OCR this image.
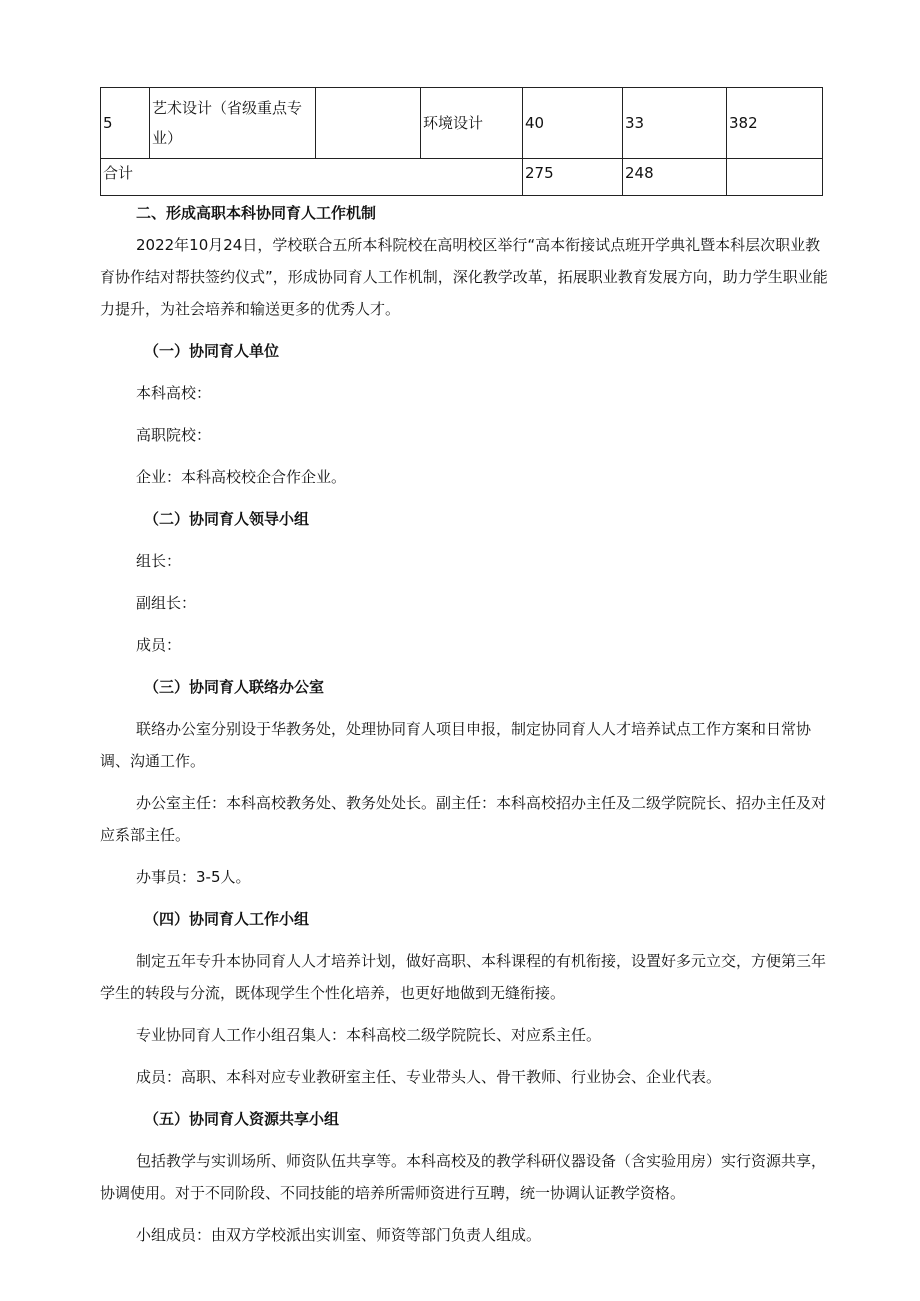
5	艺术设计（省级重点专业）		环境设计	40	33	382
合计				275	248	

二、形成高职本科协同育人工作机制

2022年10月24日，学校联合五所本科院校在高明校区举行“高本衔接试点班开学典礼暨本科层次职业教育协作结对帮扶签约仪式”，形成协同育人工作机制，深化教学改革，拓展职业教育发展方向，助力学生职业能力提升，为社会培养和输送更多的优秀人才。

（一）协同育人单位

本科高校：

高职院校：

企业：本科高校校企合作企业。

（二）协同育人领导小组

组长：

副组长：

成员：

（三）协同育人联络办公室

联络办公室分别设于华教务处，处理协同育人项目申报，制定协同育人人才培养试点工作方案和日常协调、沟通工作。

办公室主任：本科高校教务处、教务处处长。副主任：本科高校招办主任及二级学院院长、招办主任及对应系部主任。

办事员：3-5人。

（四）协同育人工作小组

制定五年专升本协同育人人才培养计划，做好高职、本科课程的有机衔接，设置好多元立交，方便第三年学生的转段与分流，既体现学生个性化培养，也更好地做到无缝衔接。

专业协同育人工作小组召集人：本科高校二级学院院长、对应系主任。

成员：高职、本科对应专业教研室主任、专业带头人、骨干教师、行业协会、企业代表。

（五）协同育人资源共享小组

包括教学与实训场所、师资队伍共享等。本科高校及的教学科研仪器设备（含实验用房）实行资源共享，协调使用。对于不同阶段、不同技能的培养所需师资进行互聘，统一协调认证教学资格。

小组成员：由双方学校派出实训室、师资等部门负责人组成。
